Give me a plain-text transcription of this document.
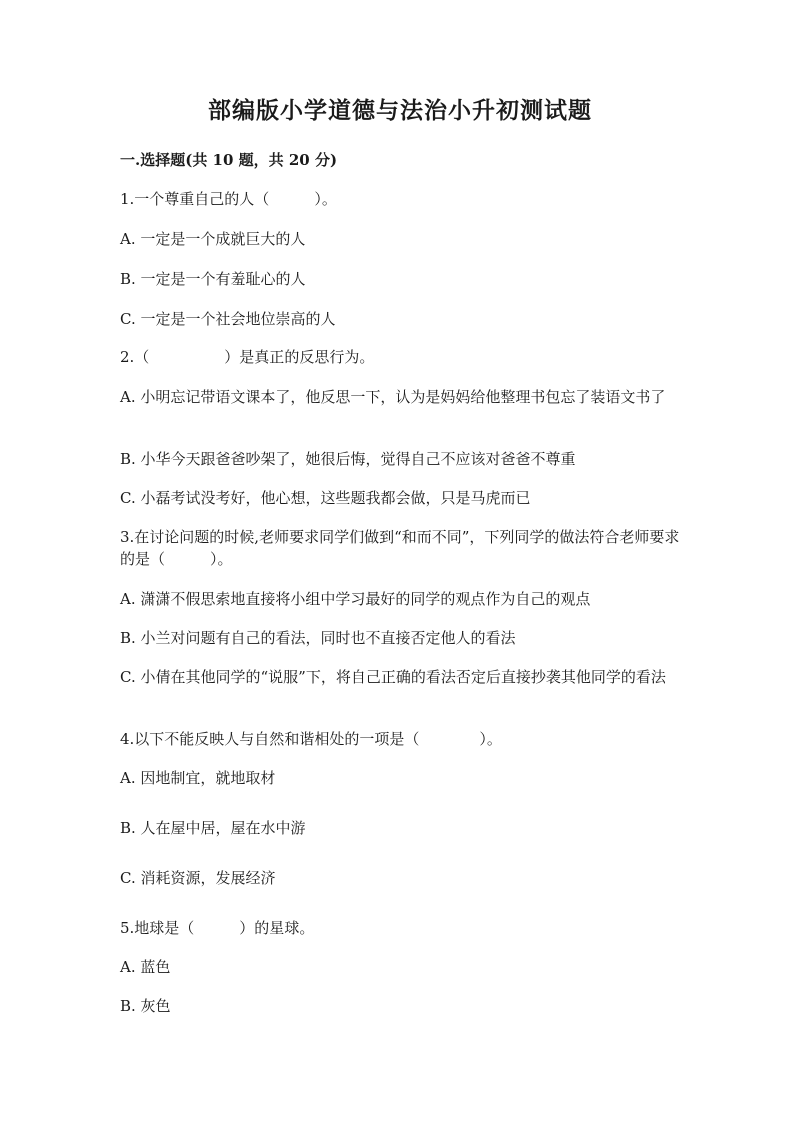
部编版小学道德与法治小升初测试题
一.选择题(共 10 题，共 20 分)
1.一个尊重自己的人（　　　）。
A. 一定是一个成就巨大的人
B. 一定是一个有羞耻心的人
C. 一定是一个社会地位崇高的人
2.（　　　　　）是真正的反思行为。
A. 小明忘记带语文课本了，他反思一下，认为是妈妈给他整理书包忘了装语文书了
B. 小华今天跟爸爸吵架了，她很后悔，觉得自己不应该对爸爸不尊重
C. 小磊考试没考好，他心想，这些题我都会做，只是马虎而已
3.在讨论问题的时候,老师要求同学们做到“和而不同”，下列同学的做法符合老师要求的是（　　　）。
A. 潇潇不假思索地直接将小组中学习最好的同学的观点作为自己的观点
B. 小兰对问题有自己的看法，同时也不直接否定他人的看法
C. 小倩在其他同学的“说服”下，将自己正确的看法否定后直接抄袭其他同学的看法
4.以下不能反映人与自然和谐相处的一项是（　　　　）。
A. 因地制宜，就地取材
B. 人在屋中居，屋在水中游
C. 消耗资源，发展经济
5.地球是（　　　）的星球。
A. 蓝色
B. 灰色
